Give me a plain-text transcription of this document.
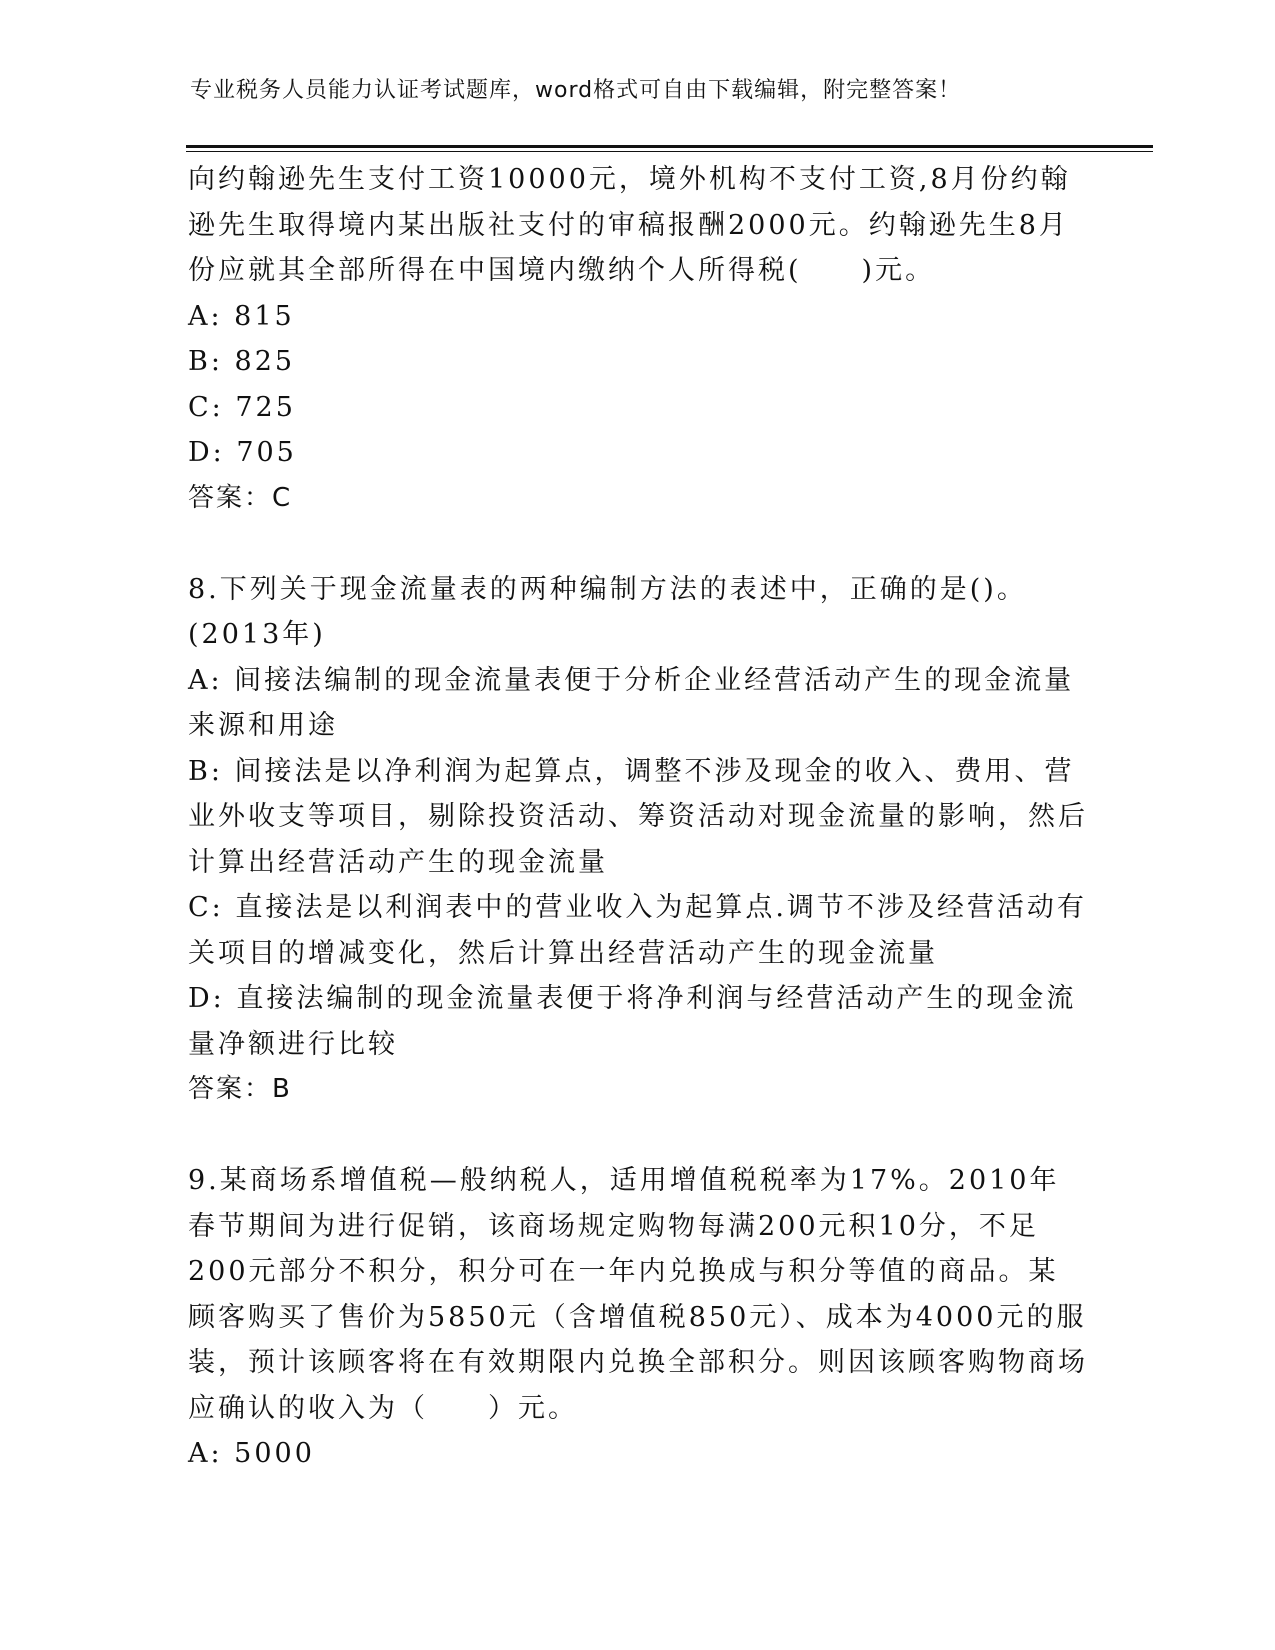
专业税务人员能力认证考试题库，word格式可自由下载编辑，附完整答案！

向约翰逊先生支付工资10000元，境外机构不支付工资,8月份约翰逊先生取得境内某出版社支付的审稿报酬2000元。约翰逊先生8月份应就其全部所得在中国境内缴纳个人所得税(　　)元。

A: 815

B: 825

C: 725

D: 705

答案：C

8.下列关于现金流量表的两种编制方法的表述中，正确的是()。(2013年)

A: 间接法编制的现金流量表便于分析企业经营活动产生的现金流量来源和用途

B: 间接法是以净利润为起算点，调整不涉及现金的收入、费用、营业外收支等项目，剔除投资活动、筹资活动对现金流量的影响，然后计算出经营活动产生的现金流量

C: 直接法是以利润表中的营业收入为起算点.调节不涉及经营活动有关项目的增减变化，然后计算出经营活动产生的现金流量

D: 直接法编制的现金流量表便于将净利润与经营活动产生的现金流量净额进行比较

答案：B

9.某商场系增值税—般纳税人，适用增值税税率为17%。2010年春节期间为进行促销，该商场规定购物每满200元积10分，不足200元部分不积分，积分可在一年内兑换成与积分等值的商品。某顾客购买了售价为5850元（含增值税850元）、成本为4000元的服装，预计该顾客将在有效期限内兑换全部积分。则因该顾客购物商场应确认的收入为（　　）元。

A: 5000
